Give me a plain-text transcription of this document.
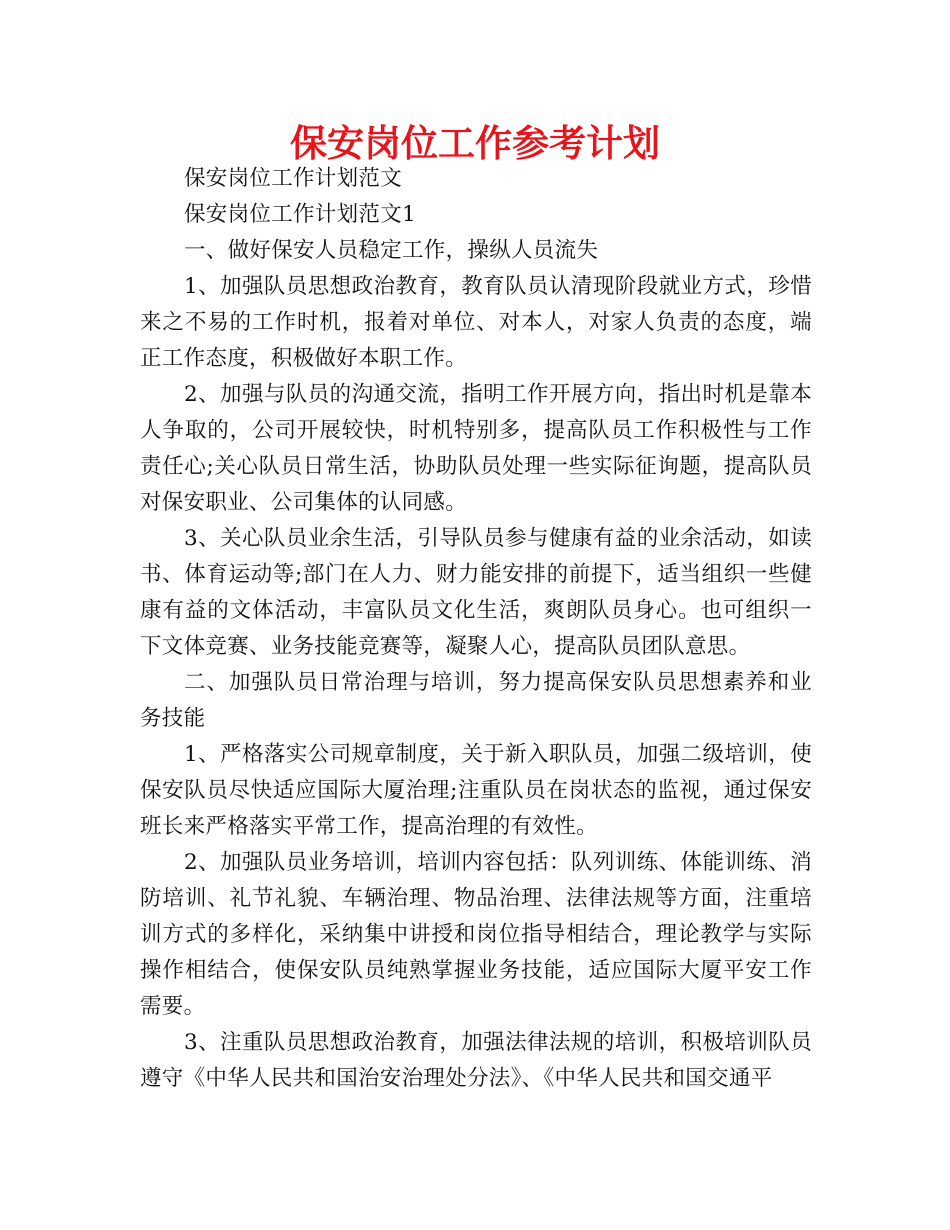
保安岗位工作参考计划

保安岗位工作计划范文

保安岗位工作计划范文1

一、做好保安人员稳定工作，操纵人员流失

1、加强队员思想政治教育，教育队员认清现阶段就业方式，珍惜来之不易的工作时机，报着对单位、对本人，对家人负责的态度，端正工作态度，积极做好本职工作。

2、加强与队员的沟通交流，指明工作开展方向，指出时机是靠本人争取的，公司开展较快，时机特别多，提高队员工作积极性与工作责任心;关心队员日常生活，协助队员处理一些实际征询题，提高队员对保安职业、公司集体的认同感。

3、关心队员业余生活，引导队员参与健康有益的业余活动，如读书、体育运动等;部门在人力、财力能安排的前提下，适当组织一些健康有益的文体活动，丰富队员文化生活，爽朗队员身心。也可组织一下文体竞赛、业务技能竞赛等，凝聚人心，提高队员团队意思。

二、加强队员日常治理与培训，努力提高保安队员思想素养和业务技能

1、严格落实公司规章制度，关于新入职队员，加强二级培训，使保安队员尽快适应国际大厦治理;注重队员在岗状态的监视，通过保安班长来严格落实平常工作，提高治理的有效性。

2、加强队员业务培训，培训内容包括：队列训练、体能训练、消防培训、礼节礼貌、车辆治理、物品治理、法律法规等方面，注重培训方式的多样化，采纳集中讲授和岗位指导相结合，理论教学与实际操作相结合，使保安队员纯熟掌握业务技能，适应国际大厦平安工作需要。

3、注重队员思想政治教育，加强法律法规的培训，积极培训队员遵守《中华人民共和国治安治理处分法》、《中华人民共和国交通平
